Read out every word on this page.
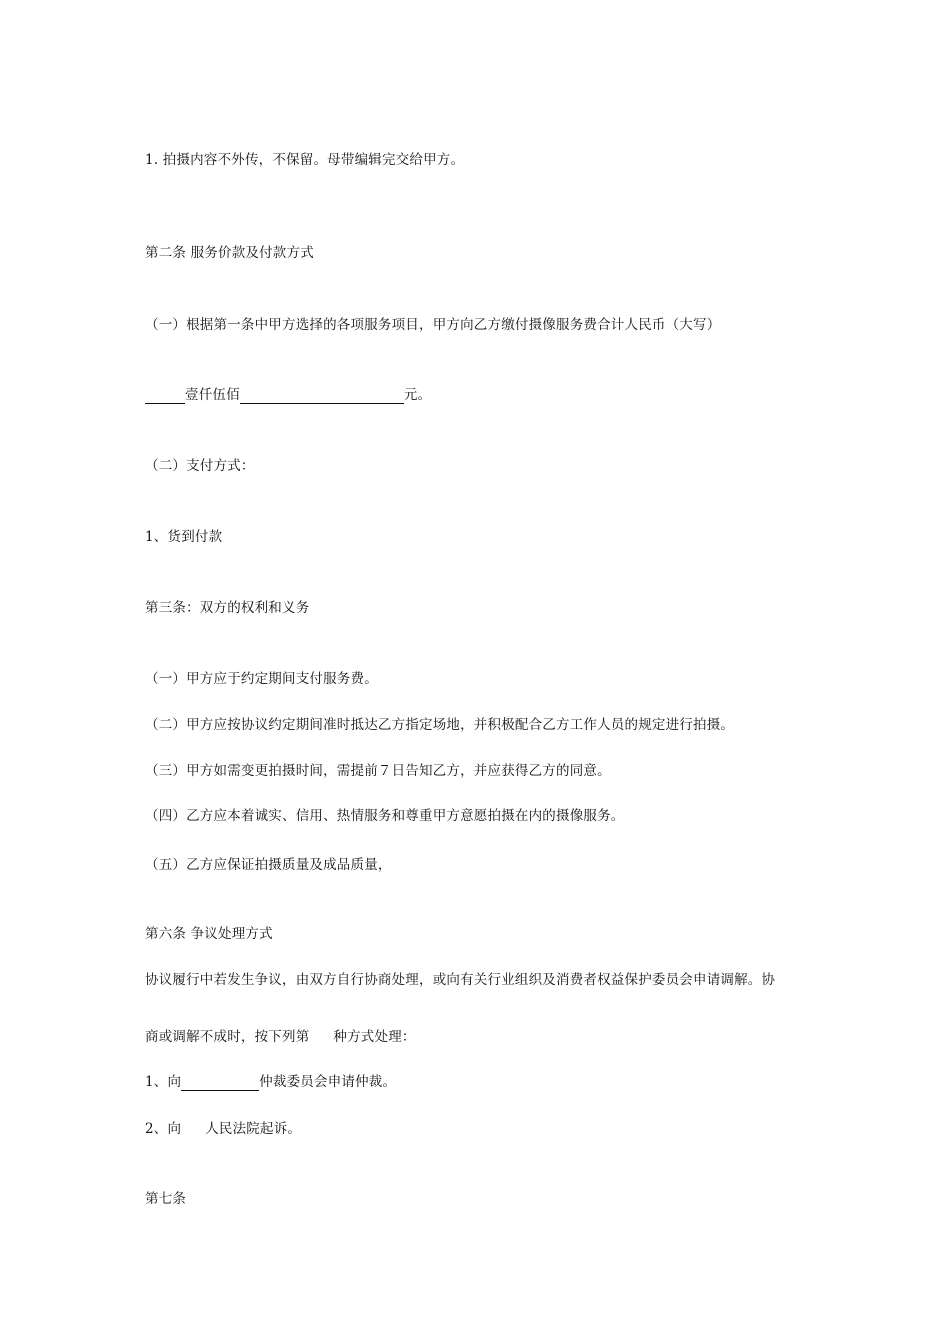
1. 拍摄内容不外传，不保留。母带编辑完交给甲方。
第二条 服务价款及付款方式
（一）根据第一条中甲方选择的各项服务项目，甲方向乙方缴付摄像服务费合计人民币（大写）
壹仟伍佰	元。
（二）支付方式：
1、货到付款
第三条：双方的权利和义务
（一）甲方应于约定期间支付服务费。
（二）甲方应按协议约定期间准时抵达乙方指定场地，并积极配合乙方工作人员的规定进行拍摄。
（三）甲方如需变更拍摄时间，需提前７日告知乙方，并应获得乙方的同意。
（四）乙方应本着诚实、信用、热情服务和尊重甲方意愿拍摄在内的摄像服务。
（五）乙方应保证拍摄质量及成品质量，
第六条 争议处理方式
协议履行中若发生争议，由双方自行协商处理，或向有关行业组织及消费者权益保护委员会申请调解。协
商或调解不成时，按下列第 种方式处理：
1、向	仲裁委员会申请仲裁。
2、向 人民法院起诉。
第七条
